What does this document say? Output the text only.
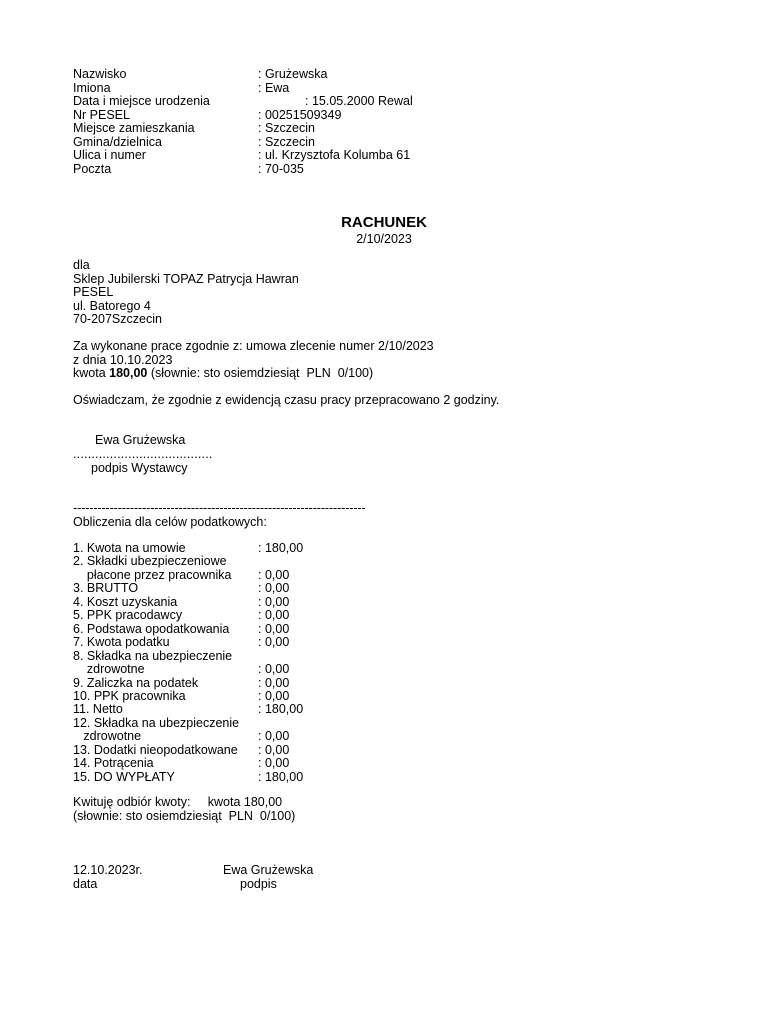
Nazwisko	: Grużewska
Imiona	: Ewa
Data i miejsce urodzenia	: 15.05.2000 Rewal
Nr PESEL	: 00251509349
Miejsce zamieszkania	: Szczecin
Gmina/dzielnica	: Szczecin
Ulica i numer	: ul. Krzysztofa Kolumba 61
Poczta	: 70-035
RACHUNEK
2/10/2023
dla
Sklep Jubilerski TOPAZ Patrycja Hawran
PESEL
ul. Batorego 4
70-207Szczecin
Za wykonane prace zgodnie z: umowa zlecenie numer 2/10/2023
z dnia 10.10.2023
kwota 180,00 (słownie: sto osiemdziesiąt  PLN  0/100)
Oświadczam, że zgodnie z ewidencją czasu pracy przepracowano 2 godziny.
Ewa Grużewska
......................................
podpis Wystawcy
------------------------------------------------------------------------
Obliczenia dla celów podatkowych:
1. Kwota na umowie	: 180,00
2. Składki ubezpieczeniowe
płacone przez pracownika : 0,00
3. BRUTTO	: 0,00
4. Koszt uzyskania	: 0,00
5. PPK pracodawcy	: 0,00
6. Podstawa opodatkowania : 0,00
7. Kwota podatku	: 0,00
8. Składka na ubezpieczenie
zdrowotne	: 0,00
9. Zaliczka na podatek	: 0,00
10. PPK pracownika	: 0,00
11. Netto	: 180,00
12. Składka na ubezpieczenie
zdrowotne	: 0,00
13. Dodatki nieopodatkowane : 0,00
14. Potrącenia	: 0,00
15. DO WYPŁATY	: 180,00
Kwituję odbiór kwoty:     kwota 180,00
(słownie: sto osiemdziesiąt  PLN  0/100)
12.10.2023r.
data
Ewa Grużewska
podpis
